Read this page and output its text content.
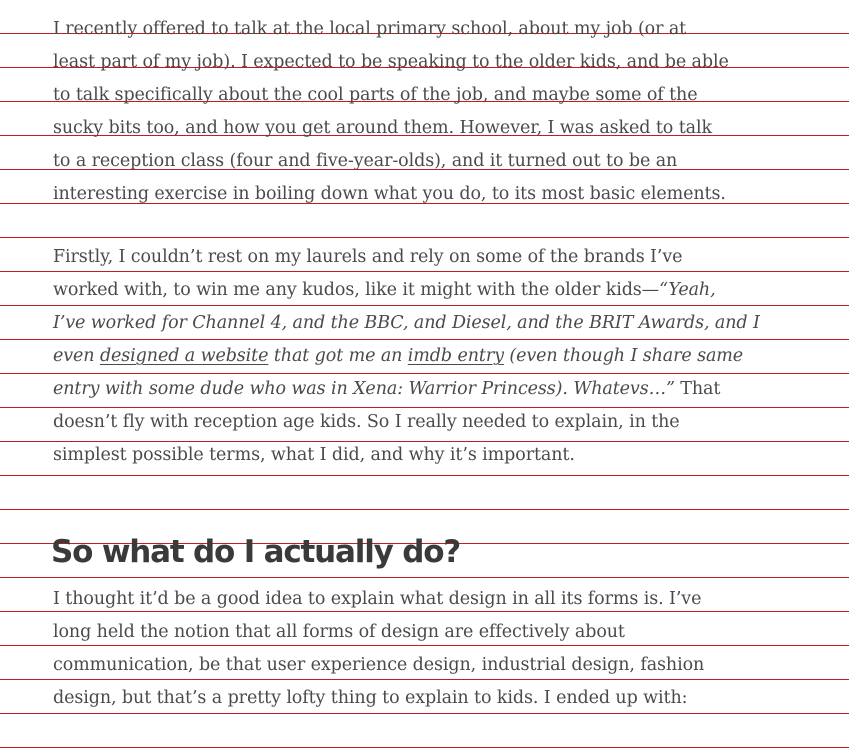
I recently offered to talk at the local primary school, about my job (or at
least part of my job). I expected to be speaking to the older kids, and be able
to talk specifically about the cool parts of the job, and maybe some of the
sucky bits too, and how you get around them. However, I was asked to talk
to a reception class (four and five-year-olds), and it turned out to be an
interesting exercise in boiling down what you do, to its most basic elements.

Firstly, I couldn’t rest on my laurels and rely on some of the brands I’ve
worked with, to win me any kudos, like it might with the older kids—“Yeah,
I’ve worked for Channel 4, and the BBC, and Diesel, and the BRIT Awards, and I
even designed a website that got me an imdb entry (even though I share same
entry with some dude who was in Xena: Warrior Princess). Whatevs…” That
doesn’t fly with reception age kids. So I really needed to explain, in the
simplest possible terms, what I did, and why it’s important.

So what do I actually do?

I thought it’d be a good idea to explain what design in all its forms is. I’ve
long held the notion that all forms of design are effectively about
communication, be that user experience design, industrial design, fashion
design, but that’s a pretty lofty thing to explain to kids. I ended up with:
